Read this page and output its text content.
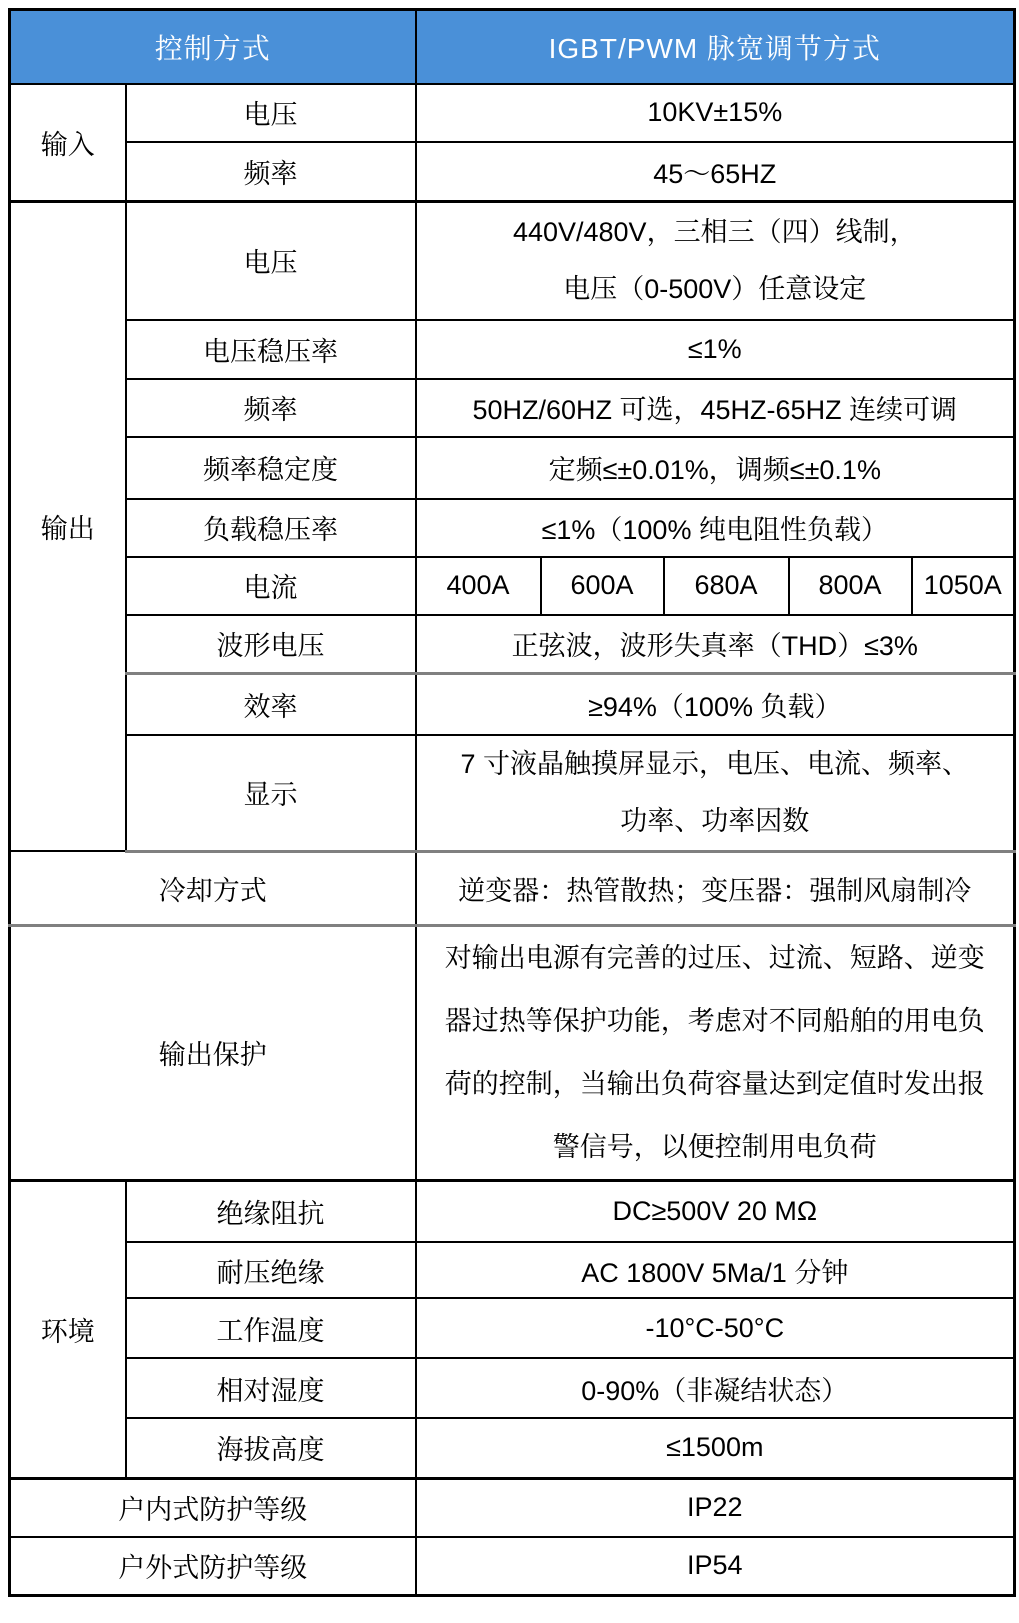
控制方式		IGBT/PWM 脉宽调节方式				
输入	电压	10KV±15%				
	频率	45～65HZ				
输出	电压	440V/480V，三相三（四）线制，
电压（0-500V）任意设定				

	电压稳压率	≤1%				
	频率	50HZ/60HZ 可选，45HZ-65HZ 连续可调				
	频率稳定度	定频≤±0.01%，调频≤±0.1%				
	负载稳压率	≤1%（100% 纯电阻性负载）				
	电流	400A	600A	680A	800A	1050A
	波形电压	正弦波，波形失真率（THD）≤3%				
	效率	≥94%（100% 负载）				
	显示	7 寸液晶触摸屏显示，电压、电流、频率、
功率、功率因数				

冷却方式		逆变器：热管散热；变压器：强制风扇制冷				
输出保护		对输出电源有完善的过压、过流、短路、逆变
器过热等保护功能，考虑对不同船舶的用电负
荷的控制，当输出负荷容量达到定值时发出报
警信号，以便控制用电负荷				

环境	绝缘阻抗	DC≥500V 20 MΩ				
	耐压绝缘	AC 1800V 5Ma/1 分钟				
	工作温度	-10°C-50°C				
	相对湿度	0-90%（非凝结状态）				
	海拔高度	≤1500m				
户内式防护等级		IP22				
户外式防护等级		IP54				
